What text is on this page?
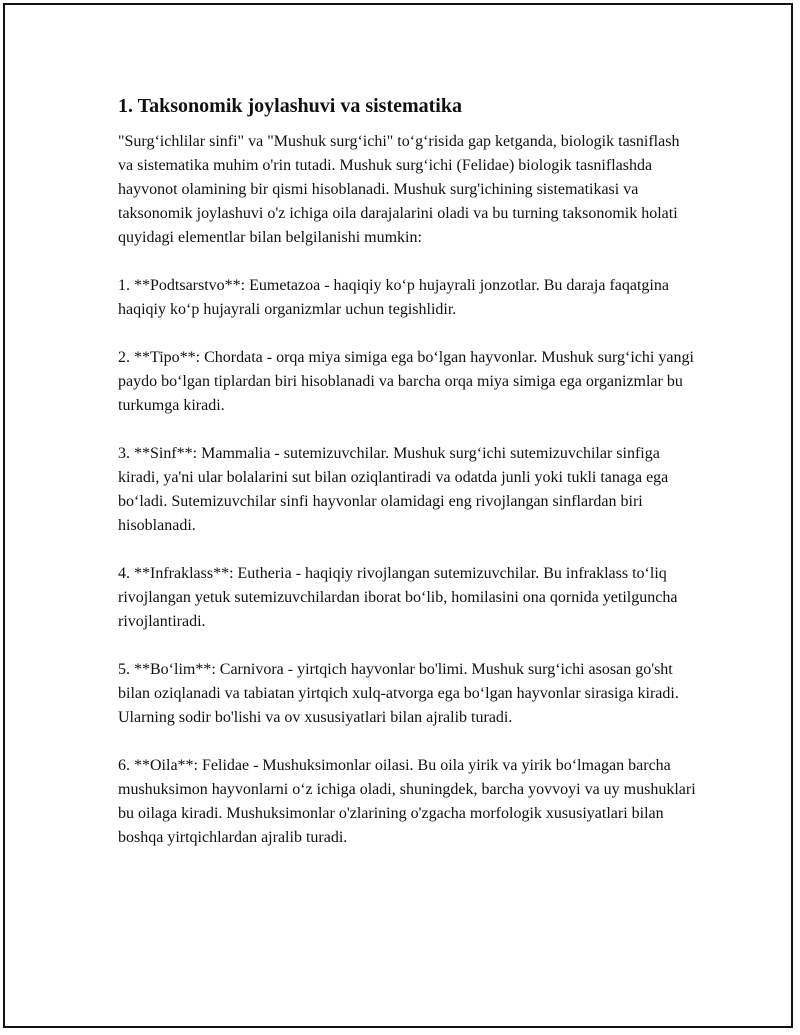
1. Taksonomik joylashuvi va sistematika

"Surg‘ichlilar sinfi" va "Mushuk surg‘ichi" to‘g‘risida gap ketganda, biologik tasniflash va sistematika muhim o'rin tutadi. Mushuk surg‘ichi (Felidae) biologik tasniflashda hayvonot olamining bir qismi hisoblanadi. Mushuk surg'ichining sistematikasi va taksonomik joylashuvi o'z ichiga oila darajalarini oladi va bu turning taksonomik holati quyidagi elementlar bilan belgilanishi mumkin:

1. **Podtsarstvo**: Eumetazoa - haqiqiy ko‘p hujayrali jonzotlar. Bu daraja faqatgina haqiqiy ko‘p hujayrali organizmlar uchun tegishlidir.

2. **Tipo**: Chordata - orqa miya simiga ega bo‘lgan hayvonlar. Mushuk surg‘ichi yangi paydo bo‘lgan tiplardan biri hisoblanadi va barcha orqa miya simiga ega organizmlar bu turkumga kiradi.

3. **Sinf**: Mammalia - sutemizuvchilar. Mushuk surg‘ichi sutemizuvchilar sinfiga kiradi, ya'ni ular bolalarini sut bilan oziqlantiradi va odatda junli yoki tukli tanaga ega bo‘ladi. Sutemizuvchilar sinfi hayvonlar olamidagi eng rivojlangan sinflardan biri hisoblanadi.

4. **Infraklass**: Eutheria - haqiqiy rivojlangan sutemizuvchilar. Bu infraklass to‘liq rivojlangan yetuk sutemizuvchilardan iborat bo‘lib, homilasini ona qornida yetilguncha rivojlantiradi.

5. **Bo‘lim**: Carnivora - yirtqich hayvonlar bo'limi. Mushuk surg‘ichi asosan go'sht bilan oziqlanadi va tabiatan yirtqich xulq-atvorga ega bo‘lgan hayvonlar sirasiga kiradi. Ularning sodir bo'lishi va ov xususiyatlari bilan ajralib turadi.

6. **Oila**: Felidae - Mushuksimonlar oilasi. Bu oila yirik va yirik bo‘lmagan barcha mushuksimon hayvonlarni o‘z ichiga oladi, shuningdek, barcha yovvoyi va uy mushuklari bu oilaga kiradi. Mushuksimonlar o'zlarining o'zgacha morfologik xususiyatlari bilan boshqa yirtqichlardan ajralib turadi.
